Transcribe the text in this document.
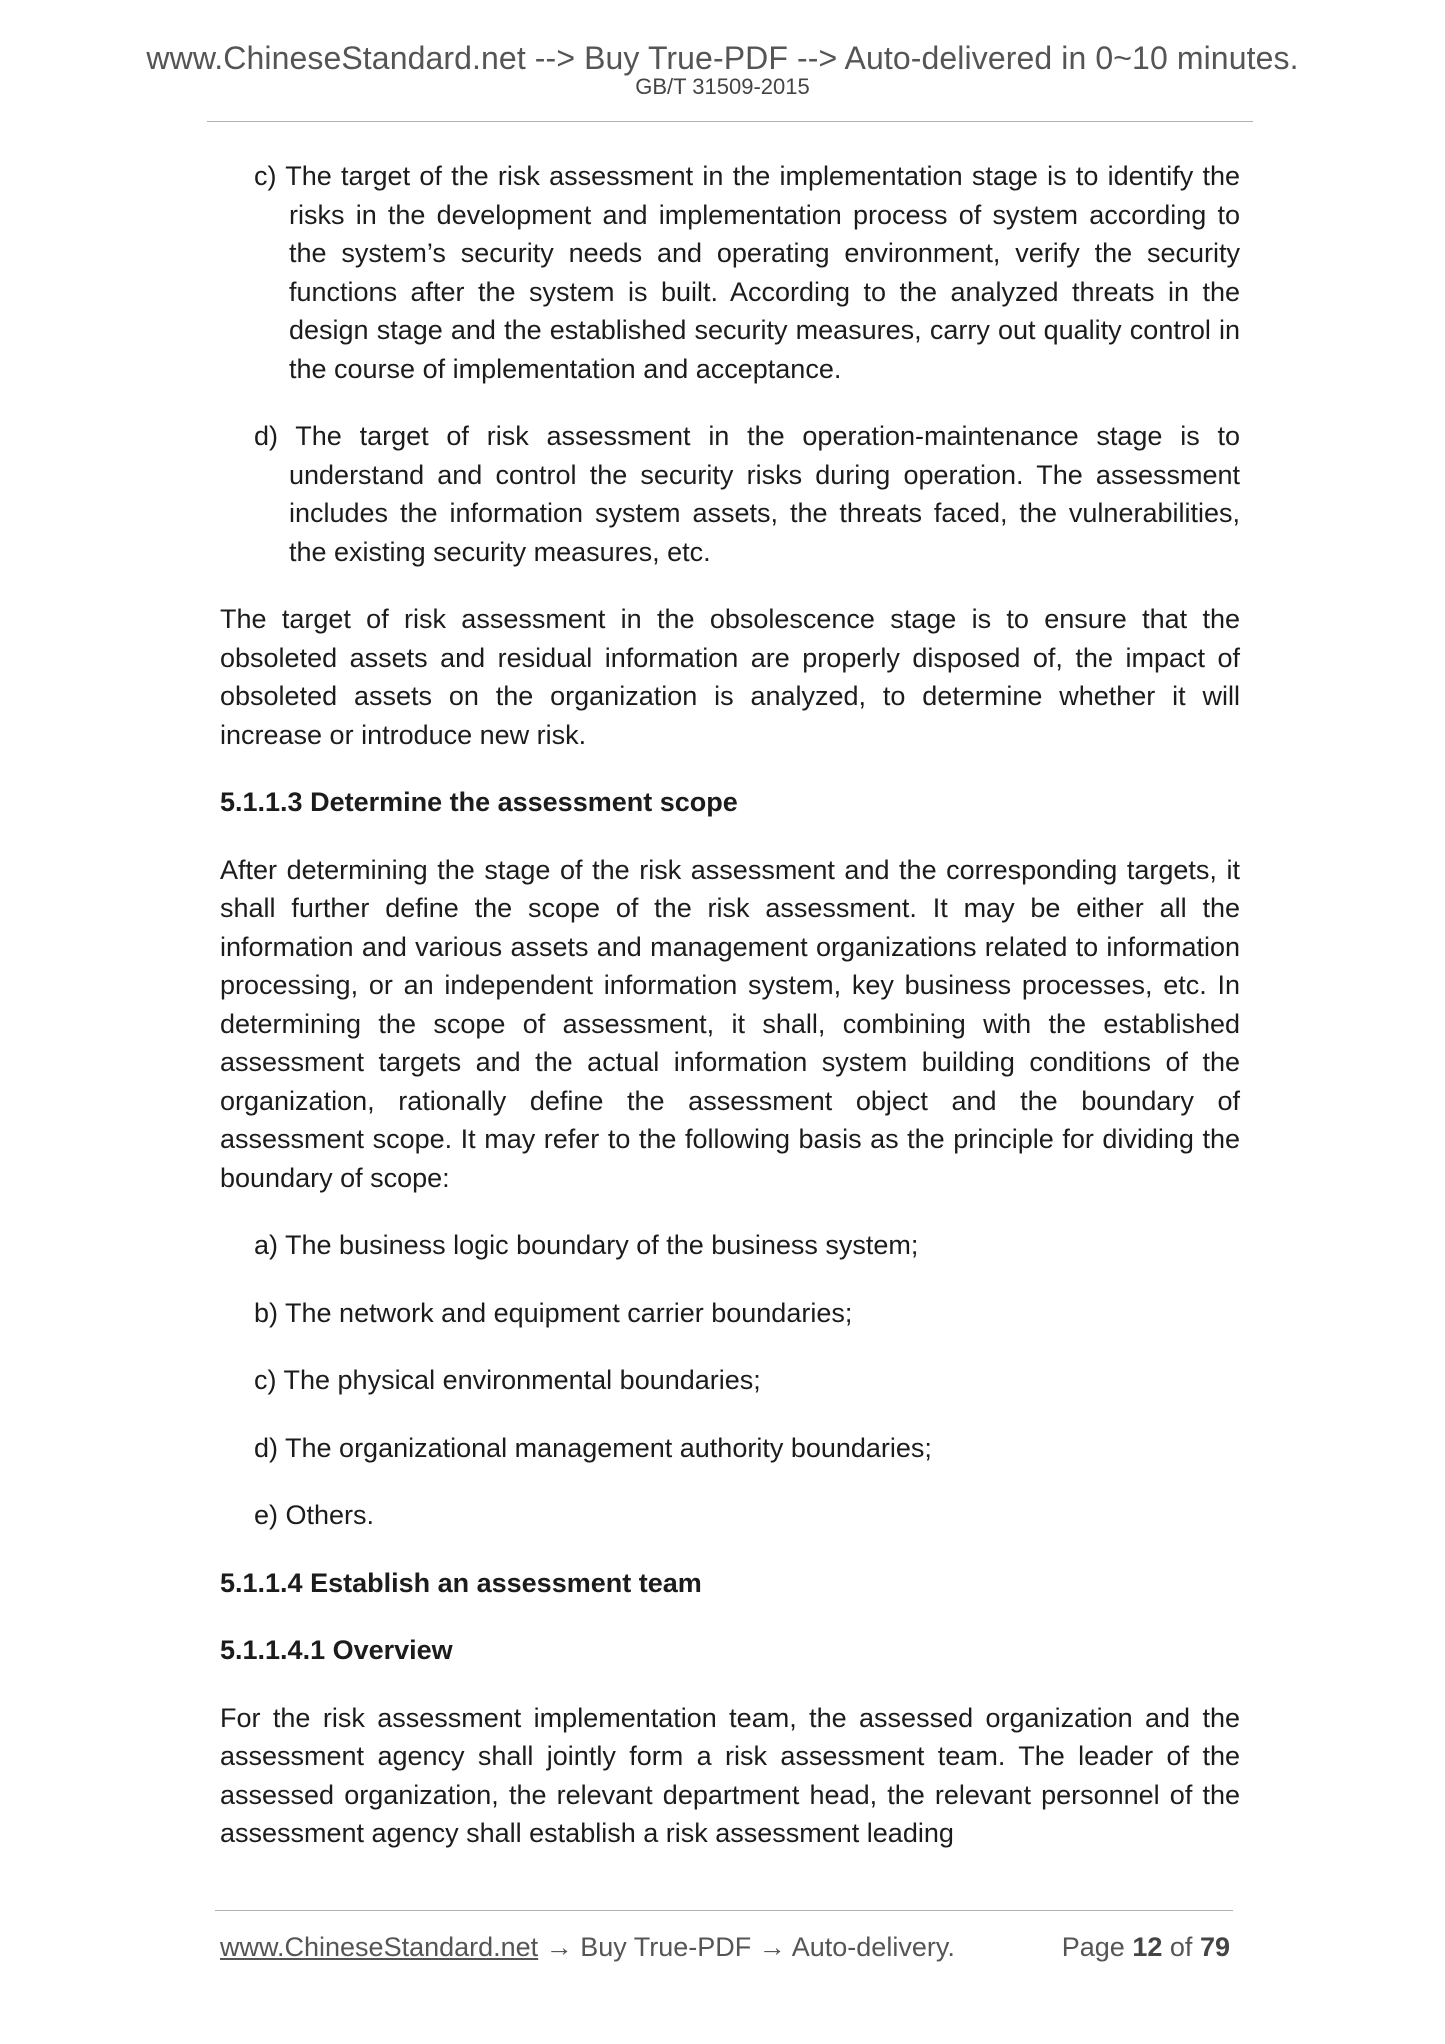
www.ChineseStandard.net --> Buy True-PDF --> Auto-delivered in 0~10 minutes.
GB/T 31509-2015

c) The target of the risk assessment in the implementation stage is to identify the risks in the development and implementation process of system according to the system’s security needs and operating environment, verify the security functions after the system is built. According to the analyzed threats in the design stage and the established security measures, carry out quality control in the course of implementation and acceptance.

d) The target of risk assessment in the operation-maintenance stage is to understand and control the security risks during operation. The assessment includes the information system assets, the threats faced, the vulnerabilities, the existing security measures, etc.

The target of risk assessment in the obsolescence stage is to ensure that the obsoleted assets and residual information are properly disposed of, the impact of obsoleted assets on the organization is analyzed, to determine whether it will increase or introduce new risk.

5.1.1.3 Determine the assessment scope

After determining the stage of the risk assessment and the corresponding targets, it shall further define the scope of the risk assessment. It may be either all the information and various assets and management organizations related to information processing, or an independent information system, key business processes, etc. In determining the scope of assessment, it shall, combining with the established assessment targets and the actual information system building conditions of the organization, rationally define the assessment object and the boundary of assessment scope. It may refer to the following basis as the principle for dividing the boundary of scope:

a) The business logic boundary of the business system;

b) The network and equipment carrier boundaries;

c) The physical environmental boundaries;

d) The organizational management authority boundaries;

e) Others.

5.1.1.4 Establish an assessment team
5.1.1.4.1 Overview

For the risk assessment implementation team, the assessed organization and the assessment agency shall jointly form a risk assessment team. The leader of the assessed organization, the relevant department head, the relevant personnel of the assessment agency shall establish a risk assessment leading

www.ChineseStandard.net → Buy True-PDF → Auto-delivery.	Page 12 of 79
